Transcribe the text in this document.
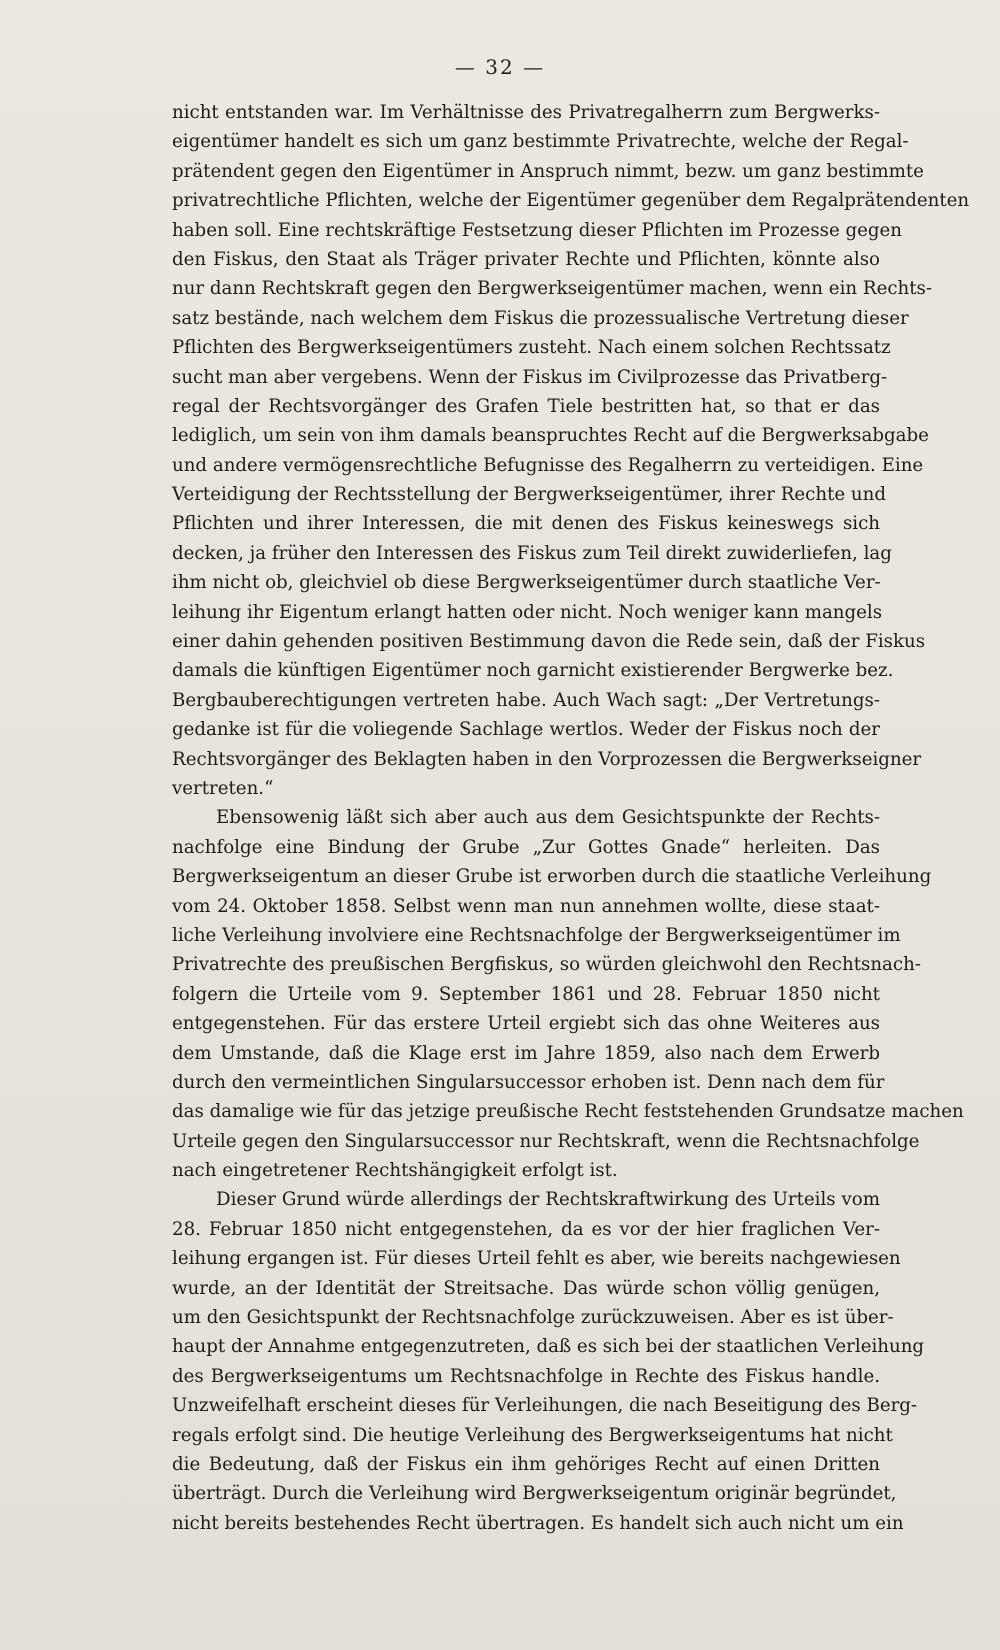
— 32 —
nicht entstanden war. Im Verhältnisse des Privatregalherrn zum Bergwerks-
eigentümer handelt es sich um ganz bestimmte Privatrechte, welche der Regal-
prätendent gegen den Eigentümer in Anspruch nimmt, bezw. um ganz bestimmte
privatrechtliche Pflichten, welche der Eigentümer gegenüber dem Regalprätendenten
haben soll. Eine rechtskräftige Festsetzung dieser Pflichten im Prozesse gegen
den Fiskus, den Staat als Träger privater Rechte und Pflichten, könnte also
nur dann Rechtskraft gegen den Bergwerkseigentümer machen, wenn ein Rechts-
satz bestände, nach welchem dem Fiskus die prozessualische Vertretung dieser
Pflichten des Bergwerkseigentümers zusteht. Nach einem solchen Rechtssatz
sucht man aber vergebens. Wenn der Fiskus im Civilprozesse das Privatberg-
regal der Rechtsvorgänger des Grafen Tiele bestritten hat, so that er das
lediglich, um sein von ihm damals beanspruchtes Recht auf die Bergwerksabgabe
und andere vermögensrechtliche Befugnisse des Regalherrn zu verteidigen. Eine
Verteidigung der Rechtsstellung der Bergwerkseigentümer, ihrer Rechte und
Pflichten und ihrer Interessen, die mit denen des Fiskus keineswegs sich
decken, ja früher den Interessen des Fiskus zum Teil direkt zuwiderliefen, lag
ihm nicht ob, gleichviel ob diese Bergwerkseigentümer durch staatliche Ver-
leihung ihr Eigentum erlangt hatten oder nicht. Noch weniger kann mangels
einer dahin gehenden positiven Bestimmung davon die Rede sein, daß der Fiskus
damals die künftigen Eigentümer noch garnicht existierender Bergwerke bez.
Bergbauberechtigungen vertreten habe. Auch Wach sagt: „Der Vertretungs-
gedanke ist für die voliegende Sachlage wertlos. Weder der Fiskus noch der
Rechtsvorgänger des Beklagten haben in den Vorprozessen die Bergwerkseigner
vertreten.“
Ebensowenig läßt sich aber auch aus dem Gesichtspunkte der Rechts-
nachfolge eine Bindung der Grube „Zur Gottes Gnade“ herleiten. Das
Bergwerkseigentum an dieser Grube ist erworben durch die staatliche Verleihung
vom 24. Oktober 1858. Selbst wenn man nun annehmen wollte, diese staat-
liche Verleihung involviere eine Rechtsnachfolge der Bergwerkseigentümer im
Privatrechte des preußischen Bergfiskus, so würden gleichwohl den Rechtsnach-
folgern die Urteile vom 9. September 1861 und 28. Februar 1850 nicht
entgegenstehen. Für das erstere Urteil ergiebt sich das ohne Weiteres aus
dem Umstande, daß die Klage erst im Jahre 1859, also nach dem Erwerb
durch den vermeintlichen Singularsuccessor erhoben ist. Denn nach dem für
das damalige wie für das jetzige preußische Recht feststehenden Grundsatze machen
Urteile gegen den Singularsuccessor nur Rechtskraft, wenn die Rechtsnachfolge
nach eingetretener Rechtshängigkeit erfolgt ist.
Dieser Grund würde allerdings der Rechtskraftwirkung des Urteils vom
28. Februar 1850 nicht entgegenstehen, da es vor der hier fraglichen Ver-
leihung ergangen ist. Für dieses Urteil fehlt es aber, wie bereits nachgewiesen
wurde, an der Identität der Streitsache. Das würde schon völlig genügen,
um den Gesichtspunkt der Rechtsnachfolge zurückzuweisen. Aber es ist über-
haupt der Annahme entgegenzutreten, daß es sich bei der staatlichen Verleihung
des Bergwerkseigentums um Rechtsnachfolge in Rechte des Fiskus handle.
Unzweifelhaft erscheint dieses für Verleihungen, die nach Beseitigung des Berg-
regals erfolgt sind. Die heutige Verleihung des Bergwerkseigentums hat nicht
die Bedeutung, daß der Fiskus ein ihm gehöriges Recht auf einen Dritten
überträgt. Durch die Verleihung wird Bergwerkseigentum originär begründet,
nicht bereits bestehendes Recht übertragen. Es handelt sich auch nicht um ein
